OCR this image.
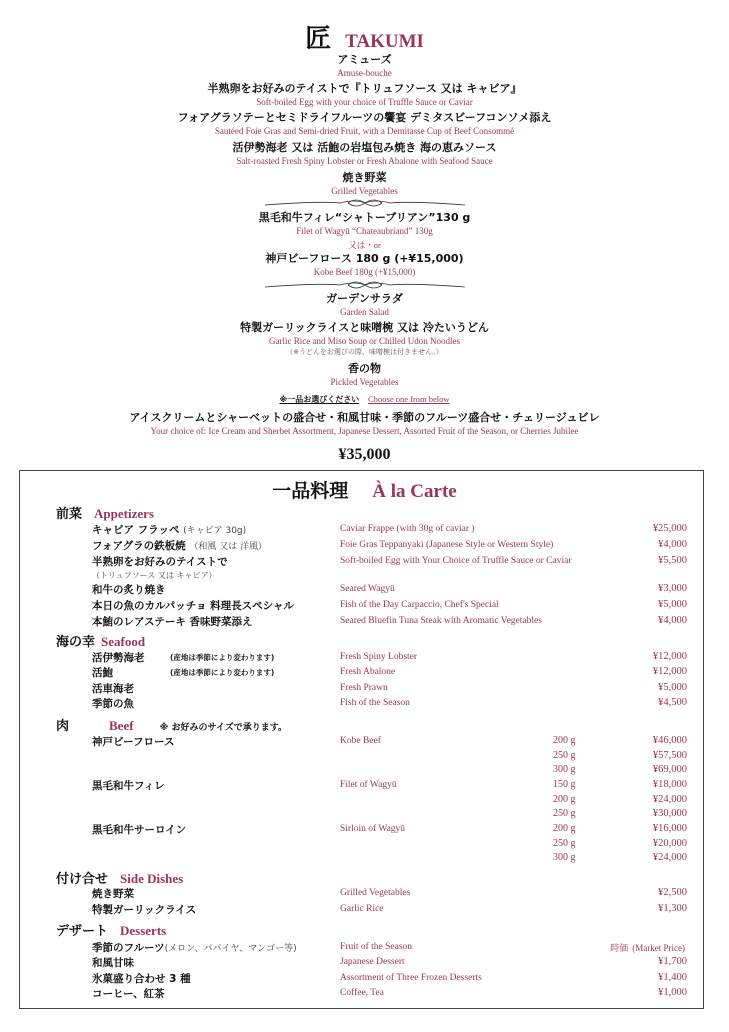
匠 TAKUMI
アミューズ
Amuse-bouche
半熟卵をお好みのテイストで『トリュフソース 又は キャビア』
Soft-boiled Egg with your choice of Truffle Sauce or Caviar
フォアグラソテーとセミドライフルーツの饗宴 デミタスビーフコンソメ添え
Sautéed Foie Gras and Semi-dried Fruit, with a Demitasse Cup of Beef Consommé
活伊勢海老 又は 活鮑の岩塩包み焼き 海の恵みソース
Salt-roasted Fresh Spiny Lobster or Fresh Abalone with Seafood Sauce
焼き野菜
Grilled Vegetables
黒毛和牛フィレ“シャトーブリアン”130 g
Filet of Wagyū “Chateaubriand” 130g
又は・or
神戸ビーフロース 180 g (+¥15,000)
Kobe Beef 180g (+¥15,000)
ガーデンサラダ
Garden Salad
特製ガーリックライスと味噌椀 又は 冷たいうどん
Garlic Rice and Miso Soup or Chilled Udon Noodles
（※うどんをお選びの際、味噌椀は付きません。）
香の物
Pickled Vegetables
※一品お選びください Choose one from below
アイスクリームとシャーベットの盛合せ・和風甘味・季節のフルーツ盛合せ・チェリージュビレ
Your choice of: Ice Cream and Sherbet Assortment, Japanese Dessert, Assorted Fruit of the Season, or Cherries Jubilee
¥35,000
一品料理 À la Carte
前菜 Appetizers
キャビア フラッペ (キャビア 30g)	Caviar Frappe (with 30g of caviar )	¥25,000
フォアグラの鉄板焼 （和風 又は 洋風）	Foie Gras Teppanyaki (Japanese Style or Western Style)	¥4,000
半熟卵をお好みのテイストで
（トリュフソース 又は キャビア）
Soft-boiled Egg with Your Choice of Truffle Sauce or Caviar	¥5,500
和牛の炙り焼き	Seared Wagyū	¥3,000
本日の魚のカルパッチョ 料理長スペシャル	Fish of the Day Carpaccio, Chef's Special	¥5,000
本鮪のレアステーキ 香味野菜添え	Seared Bluefin Tuna Steak with Aromatic Vegetables	¥4,000
海の幸 Seafood
活伊勢海老	(産地は季節により変わります)	Fresh Spiny Lobster	¥12,000
活鮑	(産地は季節により変わります)	Fresh Abalone	¥12,000
活車海老	Fresh Prawn	¥5,000
季節の魚	Fish of the Season	¥4,500
肉	Beef	※ お好みのサイズで承ります。
神戸ビーフロース	Kobe Beef	200 g	¥46,000
250 g	¥57,500
300 g	¥69,000
黒毛和牛フィレ	Filet of Wagyū	150 g	¥18,000
200 g	¥24,000
250 g	¥30,000
黒毛和牛サーロイン	Sirloin of Wagyū	200 g	¥16,000
250 g	¥20,000
300 g	¥24,000
付け合せ Side Dishes
焼き野菜	Grilled Vegetables	¥2,500
特製ガーリックライス	Garlic Rice	¥1,300
デザート Desserts
季節のフルーツ(メロン、パパイヤ、マンゴー等)	Fruit of the Season	時価 (Market Price)
和風甘味	Japanese Dessert	¥1,700
氷菓盛り合わせ 3 種	Assortment of Three Frozen Desserts	¥1,400
コーヒー、紅茶	Coffee, Tea	¥1,000
